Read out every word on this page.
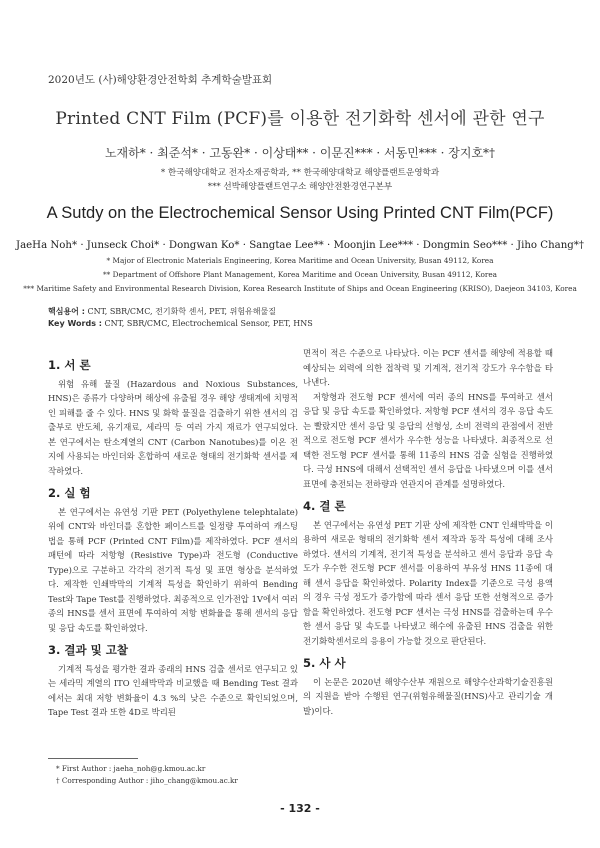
2020년도 (사)해양환경안전학회 추계학술발표회
Printed CNT Film (PCF)를 이용한 전기화학 센서에 관한 연구
노재하* · 최준석* · 고동완* · 이상태** · 이문진*** · 서동민*** · 장지호*†
* 한국해양대학교 전자소재공학과, ** 한국해양대학교 해양플랜트운영학과
*** 선박해양플랜트연구소 해양안전환경연구본부
A Sutdy on the Electrochemical Sensor Using Printed CNT Film(PCF)
JaeHa Noh* · Junseck Choi* · Dongwan Ko* · Sangtae Lee** · Moonjin Lee*** · Dongmin Seo*** · Jiho Chang*†
* Major of Electronic Materials Engineering, Korea Maritime and Ocean University, Busan 49112, Korea
** Department of Offshore Plant Management, Korea Maritime and Ocean University, Busan 49112, Korea
*** Maritime Safety and Environmental Research Division, Korea Research Institute of Ships and Ocean Engineering (KRISO), Daejeon 34103, Korea
핵심용어 : CNT, SBR/CMC, 전기화학 센서, PET, 위험유해물질
Key Words : CNT, SBR/CMC, Electrochemical Sensor, PET, HNS
1. 서 론

위험 유해 물질 (Hazardous and Noxious Substances, HNS)은 종류가 다양하며 해상에 유출될 경우 해양 생태계에 치명적인 피해를 줄 수 있다. HNS 및 화학 물질을 검출하기 위한 센서의 검출부로 반도체, 유기재료, 세라믹 등 여러 가지 재료가 연구되었다. 본 연구에서는 탄소계열의 CNT (Carbon Nanotubes)를 이온 전지에 사용되는 바인더와 혼합하여 새로운 형태의 전기화학 센서를 제작하였다.

2. 실 험

본 연구에서는 유연성 기판 PET (Polyethylene telephtalate) 위에 CNT와 바인더를 혼합한 페이스트를 일정량 투여하여 캐스팅 법을 통해 PCF (Printed CNT Film)를 제작하였다. PCF 센서의 패턴에 따라 저항형 (Resistive Type)과 전도형 (Conductive Type)으로 구분하고 각각의 전기적 특성 및 표면 형상을 분석하였다. 제작한 인쇄박막의 기계적 특성을 확인하기 위하여 Bending Test와 Tape Test를 진행하였다. 최종적으로 인가전압 1V에서 여러 종의 HNS를 센서 표면에 투여하여 저항 변화율을 통해 센서의 응답 및 응답 속도를 확인하였다.

3. 결과 및 고찰

기계적 특성을 평가한 결과 종래의 HNS 검출 센서로 연구되고 있는 세라믹 계열의 ITO 인쇄박막과 비교했을 때 Bending Test 결과에서는 최대 저항 변화율이 4.3 %의 낮은 수준으로 확인되었으며, Tape Test 결과 또한 4D로 박리된

면적이 적은 수준으로 나타났다. 이는 PCF 센서를 해양에 적용할 때 예상되는 외력에 의한 접착력 및 기계적, 전기적 강도가 우수함을 타나낸다.

저항형과 전도형 PCF 센서에 여러 종의 HNS를 투여하고 센서 응답 및 응답 속도를 확인하였다. 저항형 PCF 센서의 경우 응답 속도는 빨랐지만 센서 응답 및 응답의 선형성, 소비 전력의 관점에서 전반적으로 전도형 PCF 센서가 우수한 성능을 나타냈다. 최종적으로 선택한 전도형 PCF 센서를 통해 11종의 HNS 검출 실험을 진행하였다. 극성 HNS에 대해서 선택적인 센서 응답을 나타냈으며 이를 센서 표면에 충전되는 전하량과 연관지어 관계를 설명하였다.

4. 결 론

본 연구에서는 유연성 PET 기판 상에 제작한 CNT 인쇄박막을 이용하여 새로운 형태의 전기화학 센서 제작과 동작 특성에 대해 조사하였다. 센서의 기계적, 전기적 특성을 분석하고 센서 응답과 응답 속도가 우수한 전도형 PCF 센서를 이용하여 부유성 HNS 11종에 대해 센서 응답을 확인하였다. Polarity Index를 기준으로 극성 용액의 경우 극성 정도가 증가함에 따라 센서 응답 또한 선형적으로 증가함을 확인하였다. 전도형 PCF 센서는 극성 HNS를 검출하는데 우수한 센서 응답 및 속도를 나타냈고 해수에 유출된 HNS 검출을 위한 전기화학센서로의 응용이 가능할 것으로 판단된다.

5. 사 사

이 논문은 2020년 해양수산부 재원으로 해양수산과학기술진흥원의 지원을 받아 수행된 연구(위험유해물질(HNS)사고 관리기술 개발)이다.

* First Author : jaeha_noh@g.kmou.ac.kr
† Corresponding Author : jiho_chang@kmou.ac.kr
- 132 -
